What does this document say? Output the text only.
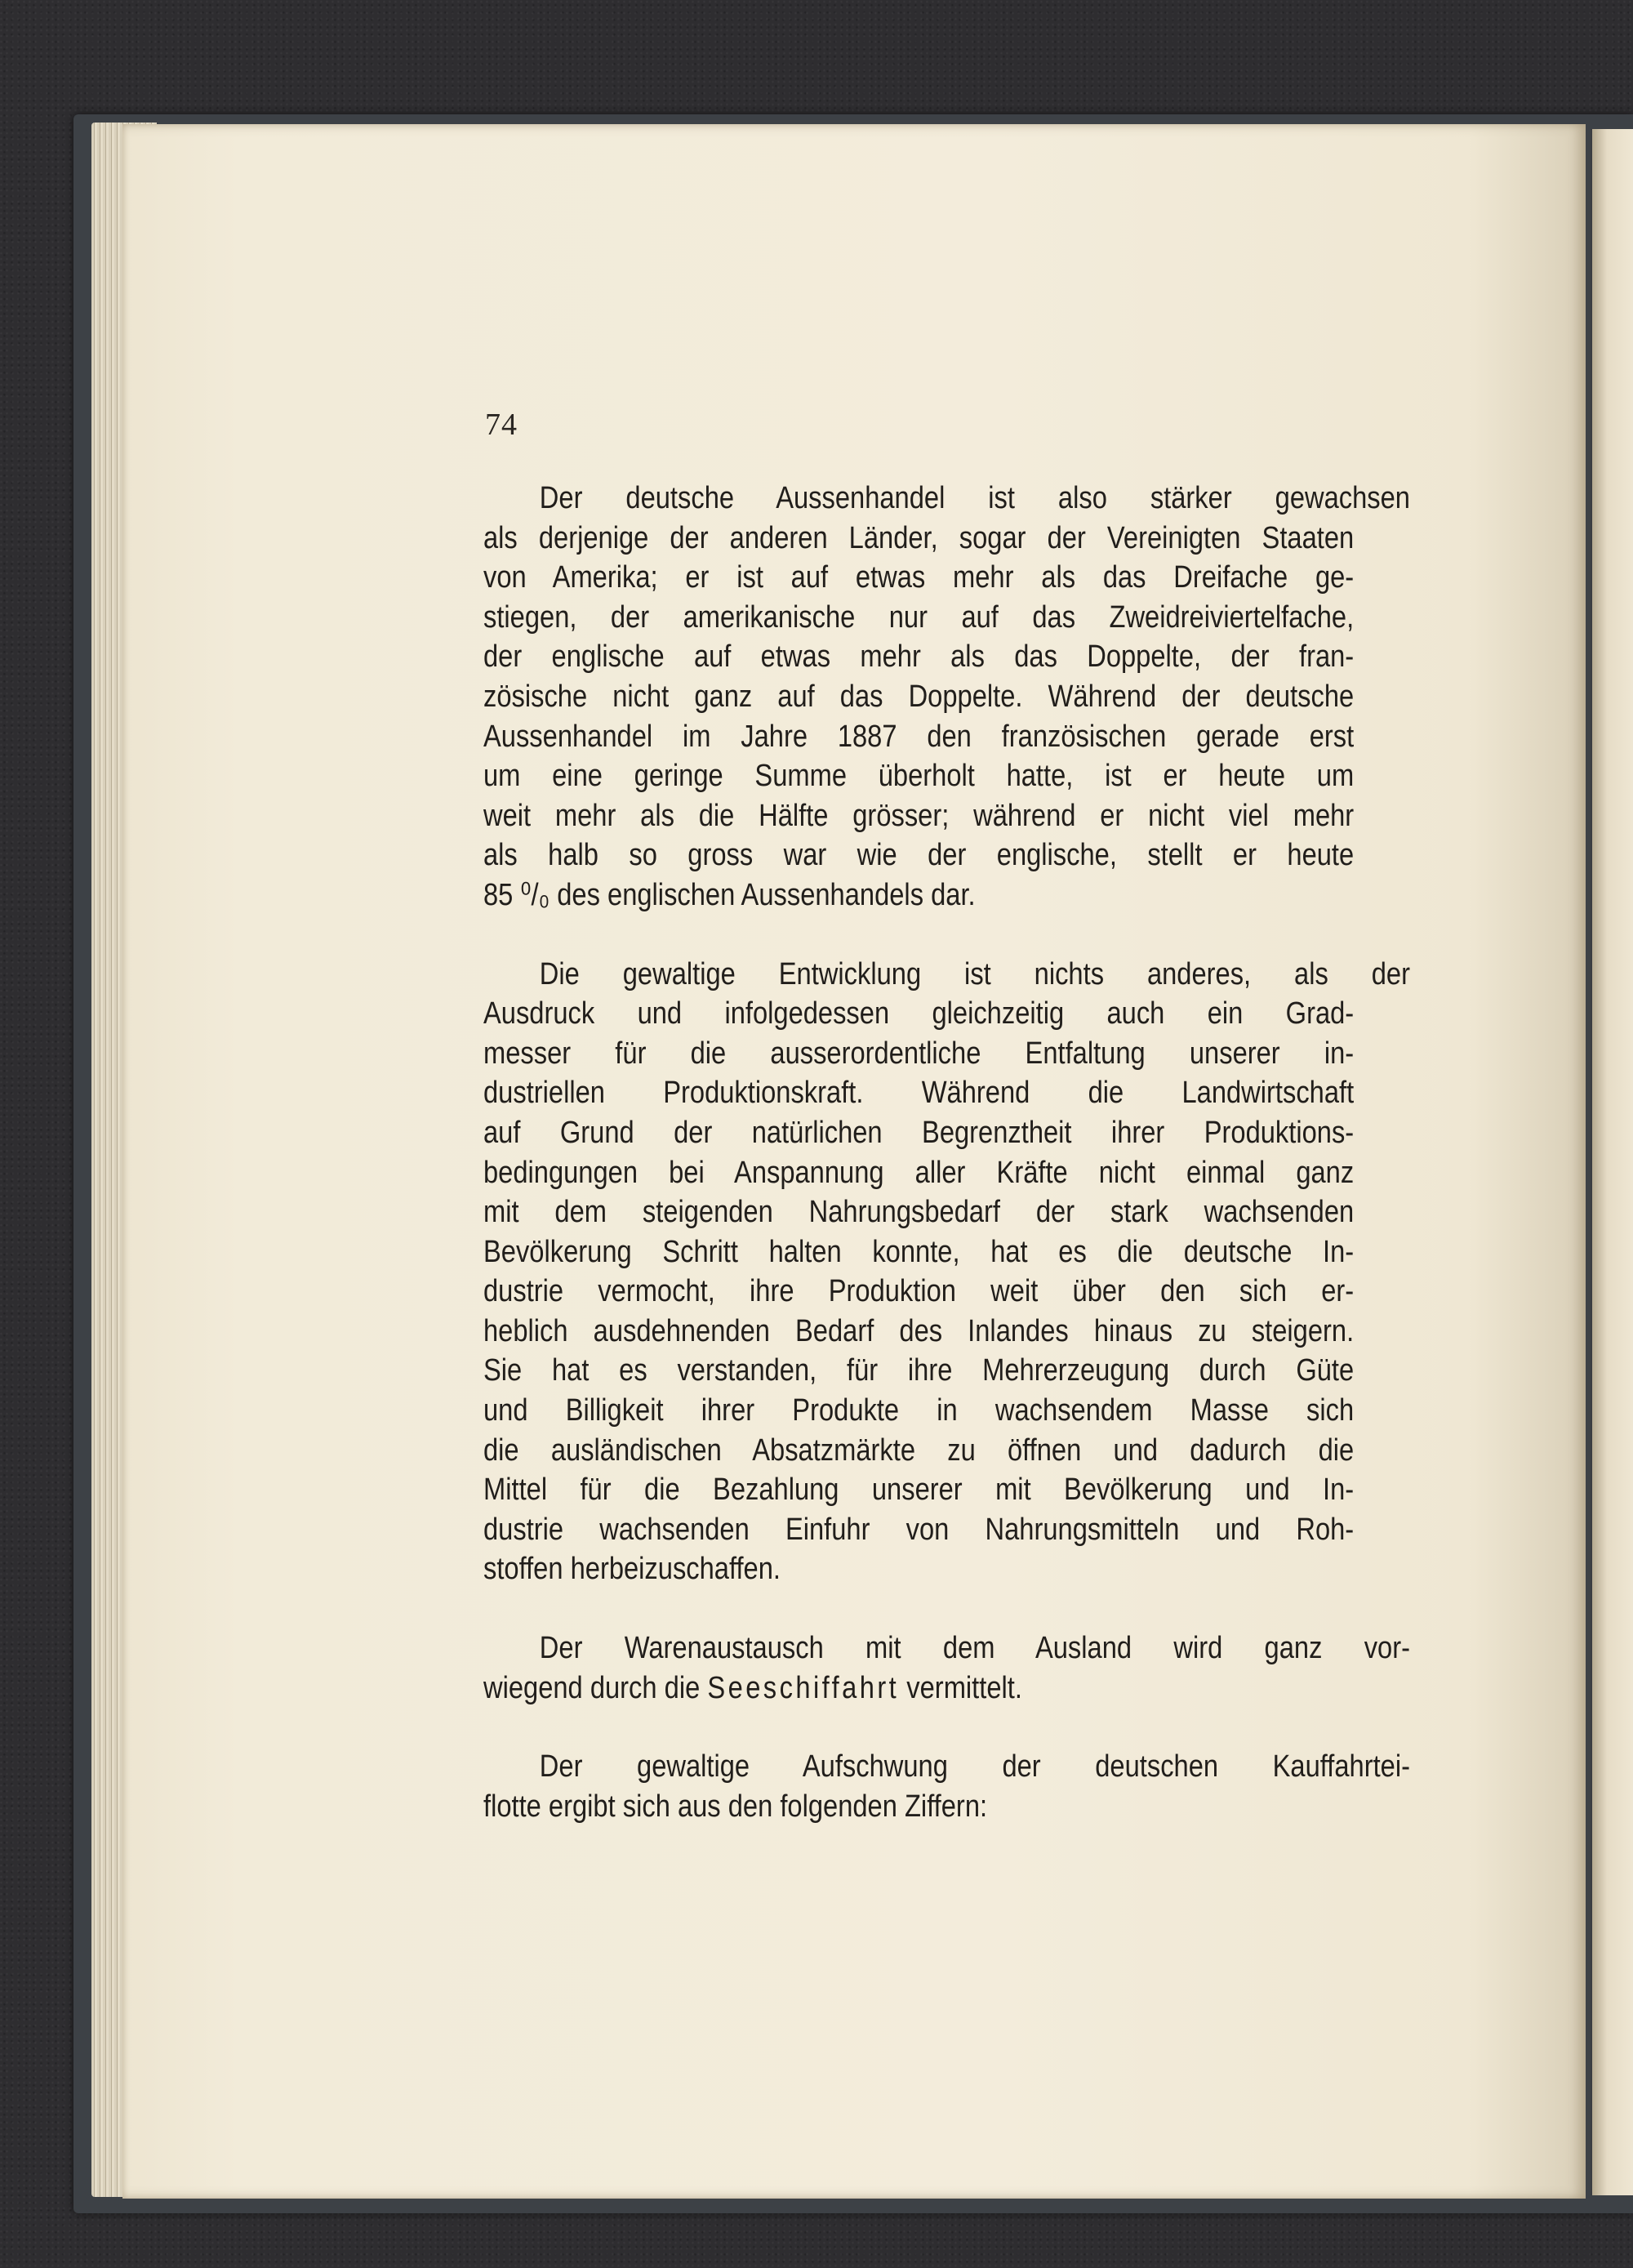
74

Der deutsche Aussenhandel ist also stärker gewachsen
als derjenige der anderen Länder, sogar der Vereinigten Staaten
von Amerika; er ist auf etwas mehr als das Dreifache ge-
stiegen, der amerikanische nur auf das Zweidreiviertelfache,
der englische auf etwas mehr als das Doppelte, der fran-
zösische nicht ganz auf das Doppelte. Während der deutsche
Aussenhandel im Jahre 1887 den französischen gerade erst
um eine geringe Summe überholt hatte, ist er heute um
weit mehr als die Hälfte grösser; während er nicht viel mehr
als halb so gross war wie der englische, stellt er heute
85 ⁰/₀ des englischen Aussenhandels dar.

Die gewaltige Entwicklung ist nichts anderes, als der
Ausdruck und infolgedessen gleichzeitig auch ein Grad-
messer für die ausserordentliche Entfaltung unserer in-
dustriellen Produktionskraft. Während die Landwirtschaft
auf Grund der natürlichen Begrenztheit ihrer Produktions-
bedingungen bei Anspannung aller Kräfte nicht einmal ganz
mit dem steigenden Nahrungsbedarf der stark wachsenden
Bevölkerung Schritt halten konnte, hat es die deutsche In-
dustrie vermocht, ihre Produktion weit über den sich er-
heblich ausdehnenden Bedarf des Inlandes hinaus zu steigern.
Sie hat es verstanden, für ihre Mehrerzeugung durch Güte
und Billigkeit ihrer Produkte in wachsendem Masse sich
die ausländischen Absatzmärkte zu öffnen und dadurch die
Mittel für die Bezahlung unserer mit Bevölkerung und In-
dustrie wachsenden Einfuhr von Nahrungsmitteln und Roh-
stoffen herbeizuschaffen.

Der Warenaustausch mit dem Ausland wird ganz vor-
wiegend durch die Seeschiffahrt vermittelt.

Der gewaltige Aufschwung der deutschen Kauffahrtei-
flotte ergibt sich aus den folgenden Ziffern:
